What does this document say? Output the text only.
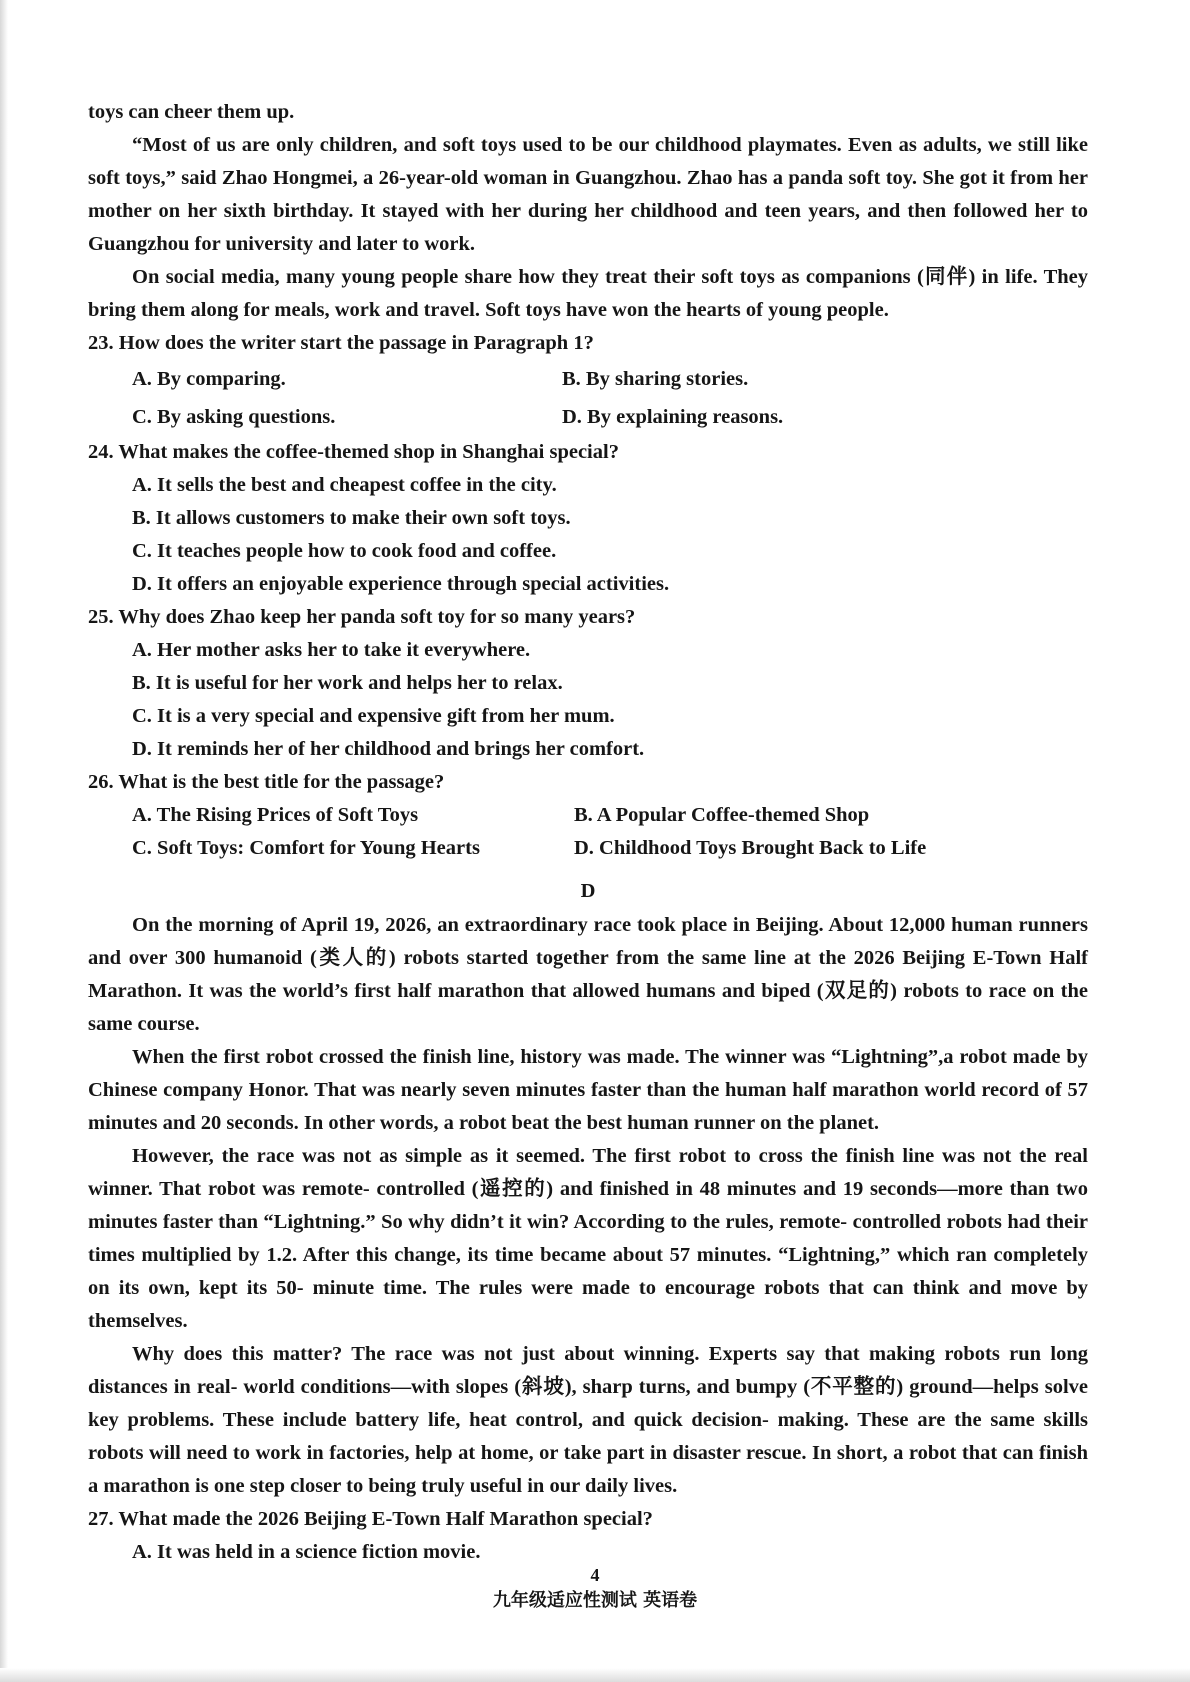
toys can cheer them up.

“Most of us are only children, and soft toys used to be our childhood playmates. Even as adults, we still like soft toys,” said Zhao Hongmei, a 26-year-old woman in Guangzhou. Zhao has a panda soft toy. She got it from her mother on her sixth birthday. It stayed with her during her childhood and teen years, and then followed her to Guangzhou for university and later to work.

On social media, many young people share how they treat their soft toys as companions (同伴) in life. They bring them along for meals, work and travel. Soft toys have won the hearts of young people.

23. How does the writer start the passage in Paragraph 1?

A. By comparing.	B. By sharing stories.
C. By asking questions.	D. By explaining reasons.

24. What makes the coffee-themed shop in Shanghai special?

A. It sells the best and cheapest coffee in the city.
B. It allows customers to make their own soft toys.
C. It teaches people how to cook food and coffee.
D. It offers an enjoyable experience through special activities.

25. Why does Zhao keep her panda soft toy for so many years?

A. Her mother asks her to take it everywhere.
B. It is useful for her work and helps her to relax.
C. It is a very special and expensive gift from her mum.
D. It reminds her of her childhood and brings her comfort.

26. What is the best title for the passage?

A. The Rising Prices of Soft Toys	B. A Popular Coffee-themed Shop
C. Soft Toys: Comfort for Young Hearts	D. Childhood Toys Brought Back to Life
D

On the morning of April 19, 2026, an extraordinary race took place in Beijing. About 12,000 human runners and over 300 humanoid (类人的) robots started together from the same line at the 2026 Beijing E-Town Half Marathon. It was the world’s first half marathon that allowed humans and biped (双足的) robots to race on the same course.

When the first robot crossed the finish line, history was made. The winner was “Lightning”,a robot made by Chinese company Honor. That was nearly seven minutes faster than the human half marathon world record of 57 minutes and 20 seconds. In other words, a robot beat the best human runner on the planet.

However, the race was not as simple as it seemed. The first robot to cross the finish line was not the real winner. That robot was remote- controlled (遥控的) and finished in 48 minutes and 19 seconds—more than two minutes faster than “Lightning.” So why didn’t it win? According to the rules, remote- controlled robots had their times multiplied by 1.2. After this change, its time became about 57 minutes. “Lightning,” which ran completely on its own, kept its 50- minute time. The rules were made to encourage robots that can think and move by themselves.

Why does this matter? The race was not just about winning. Experts say that making robots run long distances in real- world conditions—with slopes (斜坡), sharp turns, and bumpy (不平整的) ground—helps solve key problems. These include battery life, heat control, and quick decision- making. These are the same skills robots will need to work in factories, help at home, or take part in disaster rescue. In short, a robot that can finish a marathon is one step closer to being truly useful in our daily lives.

27. What made the 2026 Beijing E-Town Half Marathon special?

A. It was held in a science fiction movie.
4
九年级适应性测试 英语卷
